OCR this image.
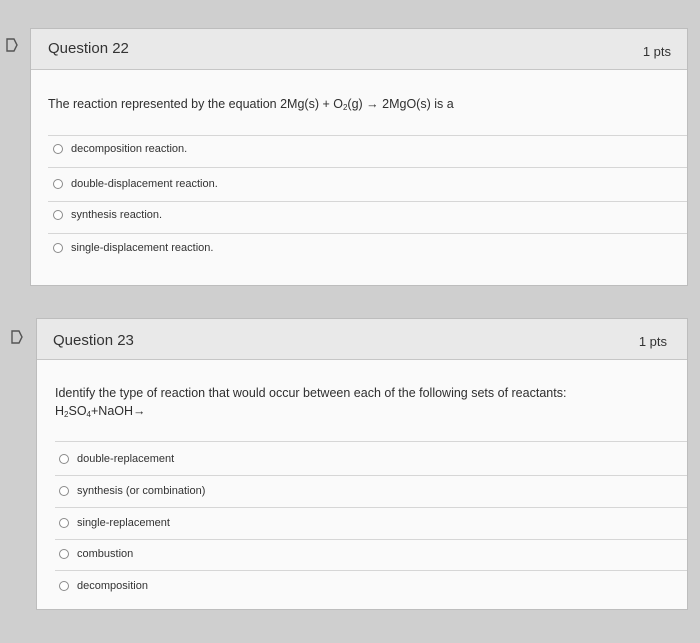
Question 22	1 pts
The reaction represented by the equation $2Mg(s) + O_2(g) \to 2MgO(s)$ is a
decomposition reaction.
double-displacement reaction.
synthesis reaction.
single-displacement reaction.
Question 23	1 pts
Identify the type of reaction that would occur between each of the following sets of reactants:
$H_2SO_4+NaOH\to$
double-replacement
synthesis (or combination)
single-replacement
combustion
decomposition
